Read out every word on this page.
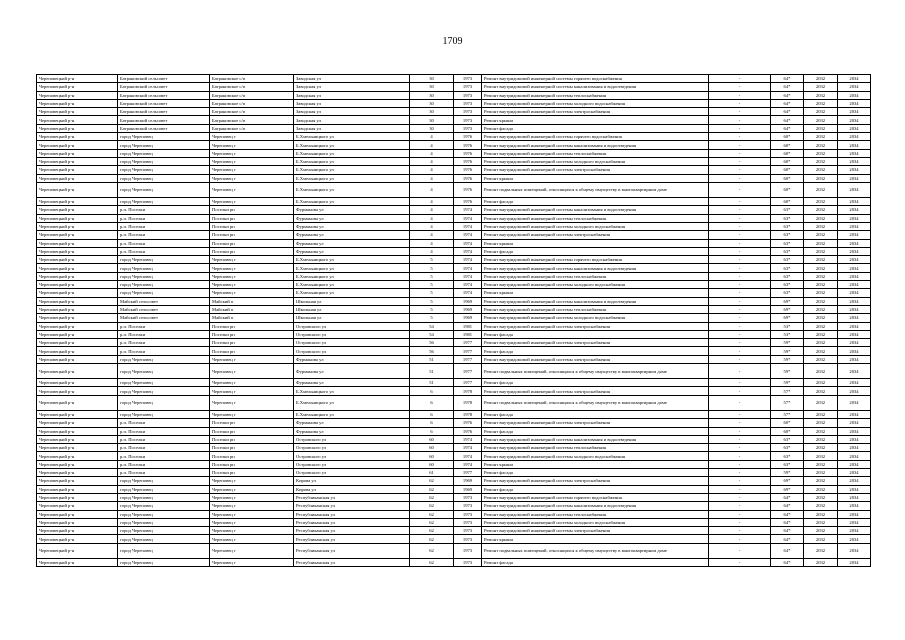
1709
Череповецкий р-н	Батрановский сельсовет	Батрановское с/п	Заводская ул	30	1973	Ремонт внутридомовой инженерной системы горячего водоснабжения	-	64*	2032	2034
Череповецкий р-н	Батрановский сельсовет	Батрановское с/п	Заводская ул	30	1973	Ремонт внутридомовой инженерной системы канализования и водоотведения	-	64*	2032	2034
Череповецкий р-н	Батрановский сельсовет	Батрановское с/п	Заводская ул	30	1973	Ремонт внутридомовой инженерной системы теплоснабжения	-	64*	2032	2034
Череповецкий р-н	Батрановский сельсовет	Батрановское с/п	Заводская ул	30	1973	Ремонт внутридомовой инженерной системы холодного водоснабжения	-	64*	2032	2034
Череповецкий р-н	Батрановский сельсовет	Батрановское с/п	Заводская ул	30	1973	Ремонт внутридомовой инженерной системы электроснабжения	-	64*	2032	2034
Череповецкий р-н	Батрановский сельсовет	Батрановское с/п	Заводская ул	30	1973	Ремонт крыши	-	64*	2032	2034
Череповецкий р-н	Батрановский сельсовет	Батрановское с/п	Заводская ул	30	1973	Ремонт фасада	-	64*	2032	2034
Череповецкий р-н	город Череповец	Череповец г	Б.Хмельницкого ул	4	1976	Ремонт внутридомовой инженерной системы горячего водоснабжения	-	60*	2032	2034
Череповецкий р-н	город Череповец	Череповец г	Б.Хмельницкого ул	4	1976	Ремонт внутридомовой инженерной системы канализования и водоотведения	-	60*	2032	2034
Череповецкий р-н	город Череповец	Череповец г	Б.Хмельницкого ул	4	1976	Ремонт внутридомовой инженерной системы теплоснабжения	-	60*	2032	2034
Череповецкий р-н	город Череповец	Череповец г	Б.Хмельницкого ул	4	1976	Ремонт внутридомовой инженерной системы холодного водоснабжения	-	60*	2032	2034
Череповецкий р-н	город Череповец	Череповец г	Б.Хмельницкого ул	4	1976	Ремонт внутридомовой инженерной системы электроснабжения	-	60*	2032	2034
Череповецкий р-н	город Череповец	Череповец г	Б.Хмельницкого ул	4	1976	Ремонт крыши	-	60*	2032	2034
Череповецкий р-н	город Череповец	Череповец г	Б.Хмельницкого ул	4	1976	Ремонт подвальных помещений, относящихся к общему имуществу в многоквартирном доме	-	60*	2032	2034
Череповецкий р-н	город Череповец	Череповец г	Б.Хмельницкого ул	4	1976	Ремонт фасада	-	60*	2032	2034
Череповецкий р-н	р.п. Поселки	Поселки рп	Фурманова ул	4	1974	Ремонт внутридомовой инженерной системы канализования и водоотведения	-	63*	2032	2034
Череповецкий р-н	р.п. Поселки	Поселки рп	Фурманова ул	4	1974	Ремонт внутридомовой инженерной системы теплоснабжения	-	63*	2032	2034
Череповецкий р-н	р.п. Поселки	Поселки рп	Фурманова ул	4	1974	Ремонт внутридомовой инженерной системы холодного водоснабжения	-	63*	2032	2034
Череповецкий р-н	р.п. Поселки	Поселки рп	Фурманова ул	4	1974	Ремонт внутридомовой инженерной системы электроснабжения	-	63*	2032	2034
Череповецкий р-н	р.п. Поселки	Поселки рп	Фурманова ул	4	1974	Ремонт крыши	-	63*	2032	2034
Череповецкий р-н	р.п. Поселки	Поселки рп	Фурманова ул	4	1974	Ремонт фасада	-	63*	2032	2034
Череповецкий р-н	город Череповец	Череповец г	Б.Хмельницкого ул	5	1974	Ремонт внутридомовой инженерной системы горячего водоснабжения	-	63*	2032	2034
Череповецкий р-н	город Череповец	Череповец г	Б.Хмельницкого ул	5	1974	Ремонт внутридомовой инженерной системы канализования и водоотведения	-	63*	2032	2034
Череповецкий р-н	город Череповец	Череповец г	Б.Хмельницкого ул	5	1974	Ремонт внутридомовой инженерной системы теплоснабжения	-	63*	2032	2034
Череповецкий р-н	город Череповец	Череповец г	Б.Хмельницкого ул	5	1974	Ремонт внутридомовой инженерной системы холодного водоснабжения	-	63*	2032	2034
Череповецкий р-н	город Череповец	Череповец г	Б.Хмельницкого ул	5	1974	Ремонт крыши	-	63*	2032	2034
Череповецкий р-н	Майский сельсовет	Майский п	Школьная ул	5	1969	Ремонт внутридомовой инженерной системы канализования и водоотведения	-	69*	2032	2034
Череповецкий р-н	Майский сельсовет	Майский п	Школьная ул	5	1969	Ремонт внутридомовой инженерной системы теплоснабжения	-	69*	2032	2034
Череповецкий р-н	Майский сельсовет	Майский п	Школьная ул	5	1969	Ремонт внутридомовой инженерной системы холодного водоснабжения	-	69*	2032	2034
Череповецкий р-н	р.п. Поселки	Поселки рп	Островского ул	54	1981	Ремонт внутридомовой инженерной системы электроснабжения	-	53*	2032	2034
Череповецкий р-н	р.п. Поселки	Поселки рп	Островского ул	54	1981	Ремонт фасада	-	53*	2032	2034
Череповецкий р-н	р.п. Поселки	Поселки рп	Островского ул	56	1977	Ремонт внутридомовой инженерной системы электроснабжения	-	59*	2032	2034
Череповецкий р-н	р.п. Поселки	Поселки рп	Островского ул	56	1977	Ремонт фасада	-	59*	2032	2034
Череповецкий р-н	город Череповец	Череповец г	Фурманова ул	51	1977	Ремонт внутридомовой инженерной системы электроснабжения	-	59*	2032	2034
Череповецкий р-н	город Череповец	Череповец г	Фурманова ул	51	1977	Ремонт подвальных помещений, относящихся к общему имуществу в многоквартирном доме	-	59*	2032	2034
Череповецкий р-н	город Череповец	Череповец г	Фурманова ул	51	1977	Ремонт фасада	-	59*	2032	2034
Череповецкий р-н	город Череповец	Череповец г	Б.Хмельницкого ул	6	1978	Ремонт внутридомовой инженерной системы электроснабжения	-	57*	2032	2034
Череповецкий р-н	город Череповец	Череповец г	Б.Хмельницкого ул	6	1978	Ремонт подвальных помещений, относящихся к общему имуществу в многоквартирном доме	-	57*	2032	2034
Череповецкий р-н	город Череповец	Череповец г	Б.Хмельницкого ул	6	1978	Ремонт фасада	-	57*	2032	2034
Череповецкий р-н	р.п. Поселки	Поселки рп	Фурманова ул	6	1976	Ремонт внутридомовой инженерной системы электроснабжения	-	60*	2032	2034
Череповецкий р-н	р.п. Поселки	Поселки рп	Фурманова ул	6	1976	Ремонт фасада	-	60*	2032	2034
Череповецкий р-н	р.п. Поселки	Поселки рп	Островского ул	60	1974	Ремонт внутридомовой инженерной системы канализования и водоотведения	-	63*	2032	2034
Череповецкий р-н	р.п. Поселки	Поселки рп	Островского ул	60	1974	Ремонт внутридомовой инженерной системы теплоснабжения	-	63*	2032	2034
Череповецкий р-н	р.п. Поселки	Поселки рп	Островского ул	60	1974	Ремонт внутридомовой инженерной системы холодного водоснабжения	-	63*	2032	2034
Череповецкий р-н	р.п. Поселки	Поселки рп	Островского ул	60	1974	Ремонт крыши	-	63*	2032	2034
Череповецкий р-н	р.п. Поселки	Поселки рп	Островского ул	61	1977	Ремонт фасада	-	59*	2032	2034
Череповецкий р-н	город Череповец	Череповец г	Кирова ул	62	1969	Ремонт внутридомовой инженерной системы электроснабжения	-	69*	2032	2034
Череповецкий р-н	город Череповец	Череповец г	Кирова ул	62	1969	Ремонт фасада	-	69*	2032	2034
Череповецкий р-н	город Череповец	Череповец г	Республиканская ул	62	1973	Ремонт внутридомовой инженерной системы горячего водоснабжения	-	64*	2032	2034
Череповецкий р-н	город Череповец	Череповец г	Республиканская ул	62	1973	Ремонт внутридомовой инженерной системы канализования и водоотведения	-	64*	2032	2034
Череповецкий р-н	город Череповец	Череповец г	Республиканская ул	62	1973	Ремонт внутридомовой инженерной системы теплоснабжения	-	64*	2032	2034
Череповецкий р-н	город Череповец	Череповец г	Республиканская ул	62	1973	Ремонт внутридомовой инженерной системы холодного водоснабжения	-	64*	2032	2034
Череповецкий р-н	город Череповец	Череповец г	Республиканская ул	62	1973	Ремонт внутридомовой инженерной системы электроснабжения	-	64*	2032	2034
Череповецкий р-н	город Череповец	Череповец г	Республиканская ул	62	1973	Ремонт крыши	-	64*	2032	2034
Череповецкий р-н	город Череповец	Череповец г	Республиканская ул	62	1973	Ремонт подвальных помещений, относящихся к общему имуществу в многоквартирном доме	-	64*	2032	2034
Череповецкий р-н	город Череповец	Череповец г	Республиканская ул	62	1973	Ремонт фасада	-	64*	2032	2034
